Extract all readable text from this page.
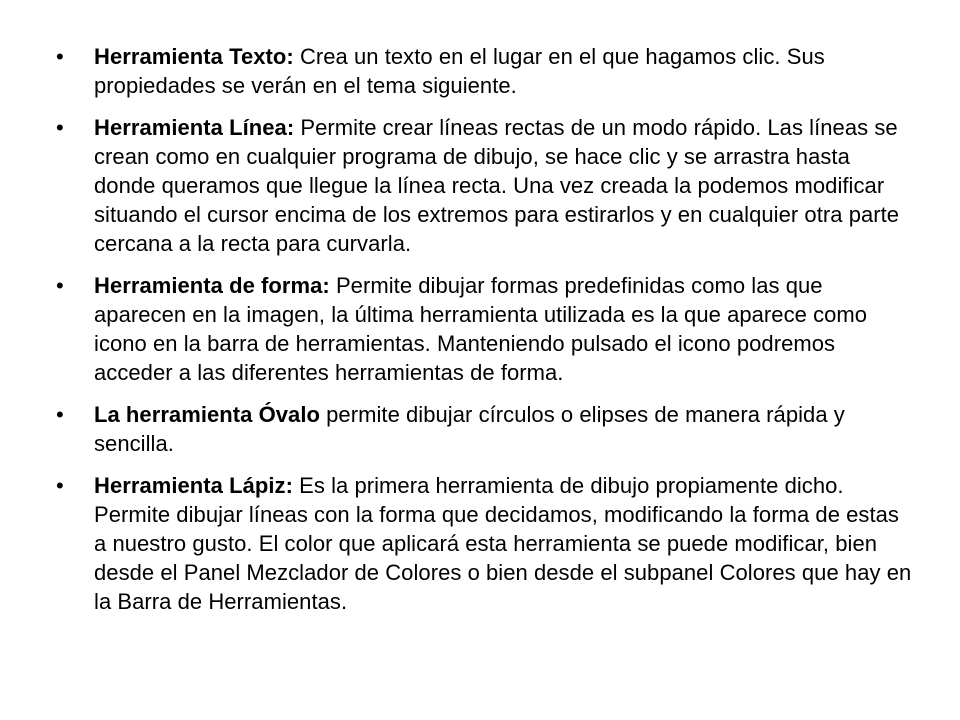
•	Herramienta Texto: Crea un texto en el lugar en el que hagamos clic. Sus propiedades se verán en el tema siguiente.
•	Herramienta Línea: Permite crear líneas rectas de un modo rápido. Las líneas se crean como en cualquier programa de dibujo, se hace clic y se arrastra hasta donde queramos que llegue la línea recta. Una vez creada la podemos modificar situando el cursor encima de los extremos para estirarlos y en cualquier otra parte cercana a la recta para curvarla.
•	Herramienta de forma: Permite dibujar formas predefinidas como las que aparecen en la imagen, la última herramienta utilizada es la que aparece como icono en la barra de herramientas. Manteniendo pulsado el icono podremos acceder a las diferentes herramientas de forma.
•	La herramienta Óvalo permite dibujar círculos o elipses de manera rápida y sencilla.
•	Herramienta Lápiz: Es la primera herramienta de dibujo propiamente dicho. Permite dibujar líneas con la forma que decidamos, modificando la forma de estas a nuestro gusto. El color que aplicará esta herramienta se puede modificar, bien desde el Panel Mezclador de Colores o bien desde el subpanel Colores que hay en la Barra de Herramientas.
